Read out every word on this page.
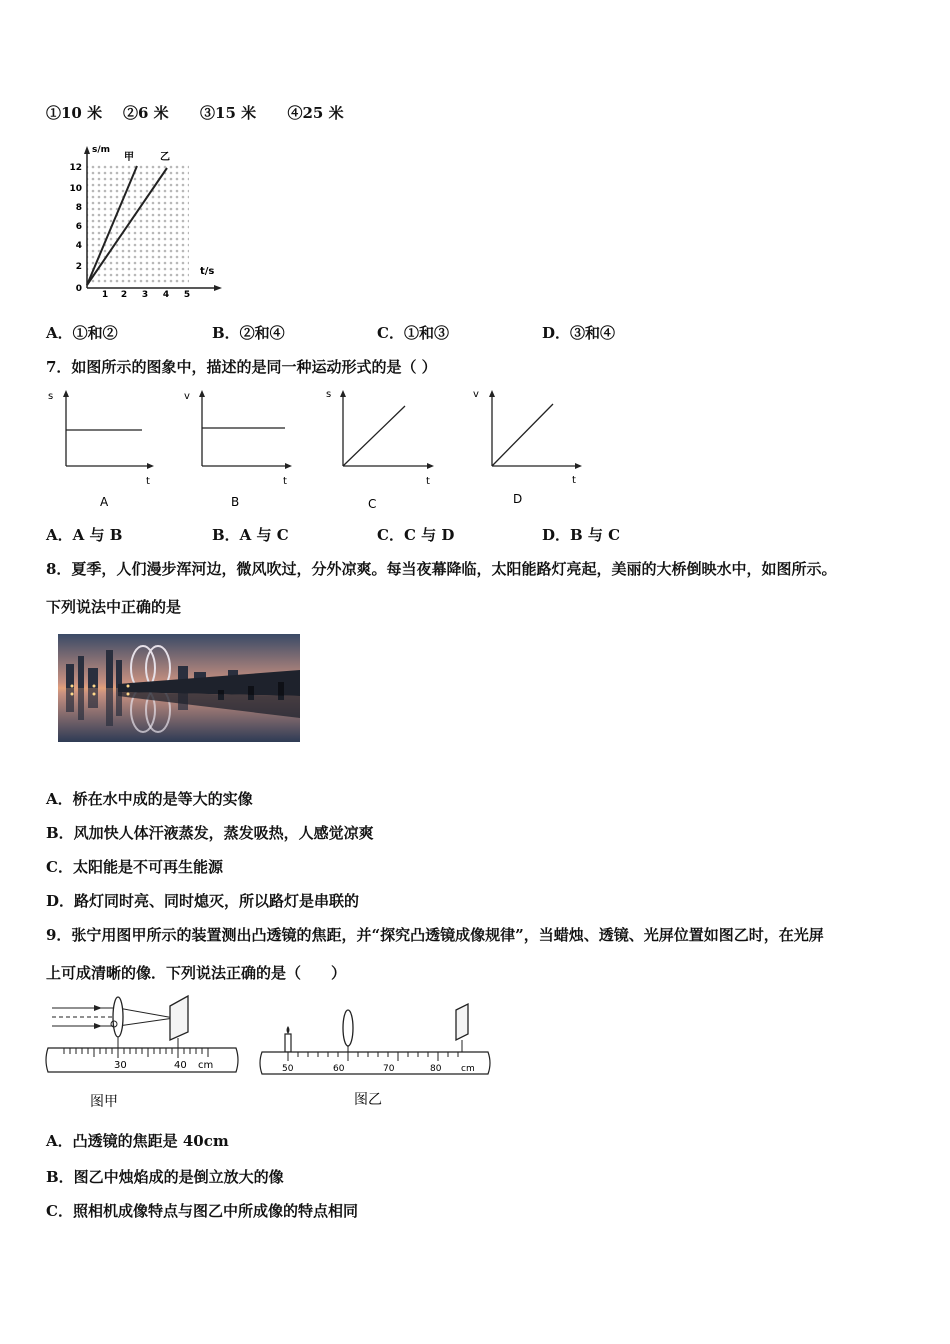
①10 米 ②6 米 ③15 米 ④25 米
s/m
t/s
甲	乙
12
10
8
6
4
2
0
1 2 3 4 5
A．①和②	B．②和④	C．①和③	D．③和④
7．如图所示的图象中，描述的是同一种运动形式的是（ ）
s
t
v
t
s
t
v
t
A	B	C	D
A．A 与 B	B．A 与 C	C．C 与 D	D．B 与 C
8．夏季，人们漫步浑河边，微风吹过，分外凉爽。每当夜幕降临，太阳能路灯亮起，美丽的大桥倒映水中，如图所示。
下列说法中正确的是
A．桥在水中成的是等大的实像
B．风加快人体汗液蒸发，蒸发吸热，人感觉凉爽
C．太阳能是不可再生能源
D．路灯同时亮、同时熄灭，所以路灯是串联的
9．张宁用图甲所示的装置测出凸透镜的焦距，并“探究凸透镜成像规律”，当蜡烛、透镜、光屏位置如图乙时，在光屏
上可成清晰的像．下列说法正确的是（　　）
30	40 cm
图甲
50	60	70	80 cm
图乙
A．凸透镜的焦距是 40cm
B．图乙中烛焰成的是倒立放大的像
C．照相机成像特点与图乙中所成像的特点相同
